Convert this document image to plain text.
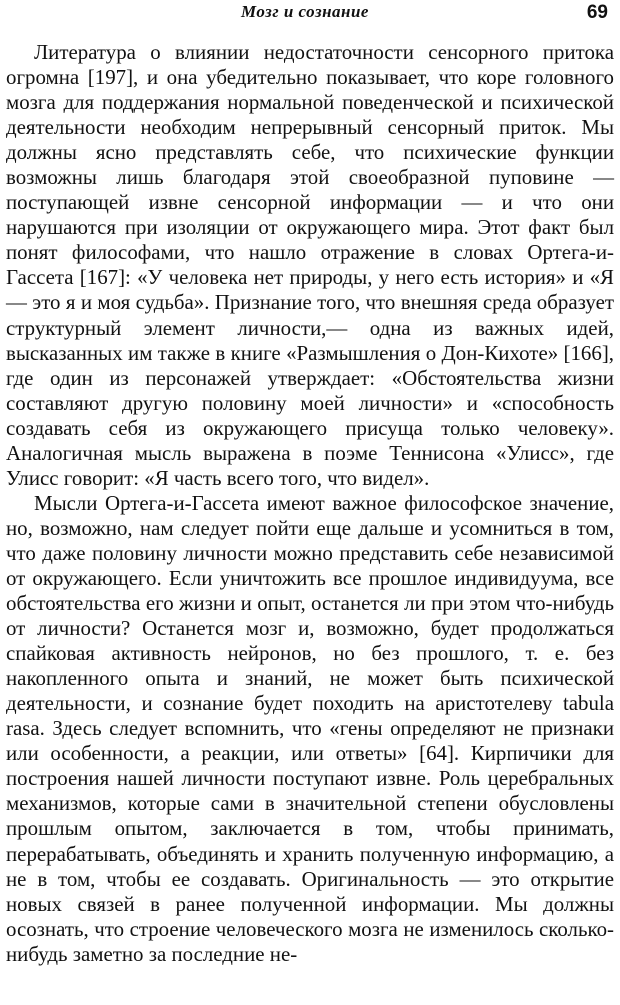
Мозг и сознание	69

Литература о влиянии недостаточности сенсорного притока огромна [197], и она убедительно показывает, что коре головного мозга для поддержания нормальной поведенческой и психической деятельности необходим непрерывный сенсорный приток. Мы должны ясно представлять себе, что психические функции возможны лишь благодаря этой своеобразной пуповине — поступающей извне сенсорной информации — и что они нарушаются при изоляции от окружающего мира. Этот факт был понят философами, что нашло отражение в словах Ортега-и-Гассета [167]: «У человека нет природы, у него есть история» и «Я — это я и моя судьба». Признание того, что внешняя среда образует структурный элемент личности,— одна из важных идей, высказанных им также в книге «Размышления о Дон-Кихоте» [166], где один из персонажей утверждает: «Обстоятельства жизни составляют другую половину моей личности» и «способность создавать себя из окружающего присуща только человеку». Аналогичная мысль выражена в поэме Теннисона «Улисс», где Улисс говорит: «Я часть всего того, что видел».

Мысли Ортега-и-Гассета имеют важное философское значение, но, возможно, нам следует пойти еще дальше и усомниться в том, что даже половину личности можно представить себе независимой от окружающего. Если уничтожить все прошлое индивидуума, все обстоятельства его жизни и опыт, останется ли при этом что-нибудь от личности? Останется мозг и, возможно, будет продолжаться спайковая активность нейронов, но без прошлого, т. е. без накопленного опыта и знаний, не может быть психической деятельности, и сознание будет походить на аристотелеву tabula rasa. Здесь следует вспомнить, что «гены определяют не признаки или особенности, а реакции, или ответы» [64]. Кирпичики для построения нашей личности поступают извне. Роль церебральных механизмов, которые сами в значительной степени обусловлены прошлым опытом, заключается в том, чтобы принимать, перерабатывать, объединять и хранить полученную информацию, а не в том, чтобы ее создавать. Оригинальность — это открытие новых связей в ранее полученной информации. Мы должны осознать, что строение человеческого мозга не изменилось сколько-нибудь заметно за последние не-
